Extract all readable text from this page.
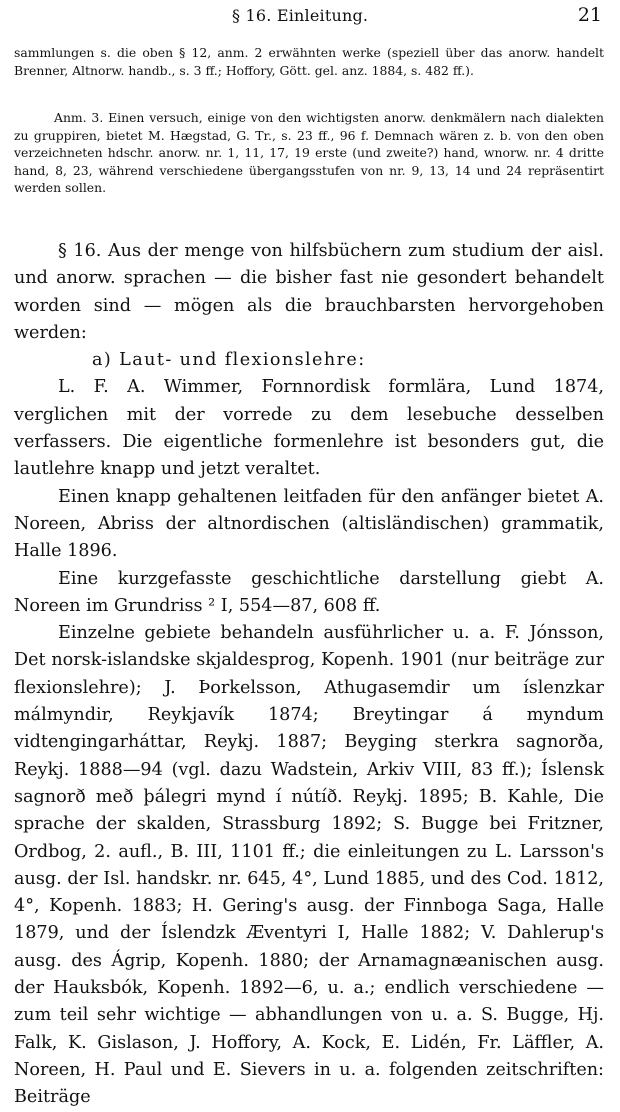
§ 16. Einleitung.	21

sammlungen s. die oben § 12, anm. 2 erwähnten werke (speziell über das anorw. handelt Brenner, Altnorw. handb., s. 3 ff.; Hoffory, Gött. gel. anz. 1884, s. 482 ff.).

Anm. 3. Einen versuch, einige von den wichtigsten anorw. denkmälern nach dialekten zu gruppiren, bietet M. Hægstad, G. Tr., s. 23 ff., 96 f. Demnach wären z. b. von den oben verzeichneten hdschr. anorw. nr. 1, 11, 17, 19 erste (und zweite?) hand, wnorw. nr. 4 dritte hand, 8, 23, während verschiedene übergangsstufen von nr. 9, 13, 14 und 24 repräsentirt werden sollen.

§ 16. Aus der menge von hilfsbüchern zum studium der aisl. und anorw. sprachen — die bisher fast nie gesondert behandelt worden sind — mögen als die brauchbarsten hervorgehoben werden:

a) Laut- und flexionslehre:

L. F. A. Wimmer, Fornnordisk formlära, Lund 1874, verglichen mit der vorrede zu dem lesebuche desselben verfassers. Die eigentliche formenlehre ist besonders gut, die lautlehre knapp und jetzt veraltet.

Einen knapp gehaltenen leitfaden für den anfänger bietet A. Noreen, Abriss der altnordischen (altisländischen) grammatik, Halle 1896.

Eine kurzgefasste geschichtliche darstellung giebt A. Noreen im Grundriss ² I, 554—87, 608 ff.

Einzelne gebiete behandeln ausführlicher u. a. F. Jónsson, Det norsk-islandske skjaldesprog, Kopenh. 1901 (nur beiträge zur flexionslehre); J. Þorkelsson, Athugasemdir um íslenzkar málmyndir, Reykjavík 1874; Breytingar á myndum vidtengingarháttar, Reykj. 1887; Beyging sterkra sagnorða, Reykj. 1888—94 (vgl. dazu Wadstein, Arkiv VIII, 83 ff.); Íslensk sagnorð með þálegri mynd í nútíð. Reykj. 1895; B. Kahle, Die sprache der skalden, Strassburg 1892; S. Bugge bei Fritzner, Ordbog, 2. aufl., B. III, 1101 ff.; die einleitungen zu L. Larsson's ausg. der Isl. handskr. nr. 645, 4°, Lund 1885, und des Cod. 1812, 4°, Kopenh. 1883; H. Gering's ausg. der Finnboga Saga, Halle 1879, und der Íslendzk Æventyri I, Halle 1882; V. Dahlerup's ausg. des Ágrip, Kopenh. 1880; der Arnamagnæanischen ausg. der Hauksbók, Kopenh. 1892—6, u. a.; endlich verschiedene — zum teil sehr wichtige — abhandlungen von u. a. S. Bugge, Hj. Falk, K. Gislason, J. Hoffory, A. Kock, E. Lidén, Fr. Läffler, A. Noreen, H. Paul und E. Sievers in u. a. folgenden zeitschriften: Beiträge
